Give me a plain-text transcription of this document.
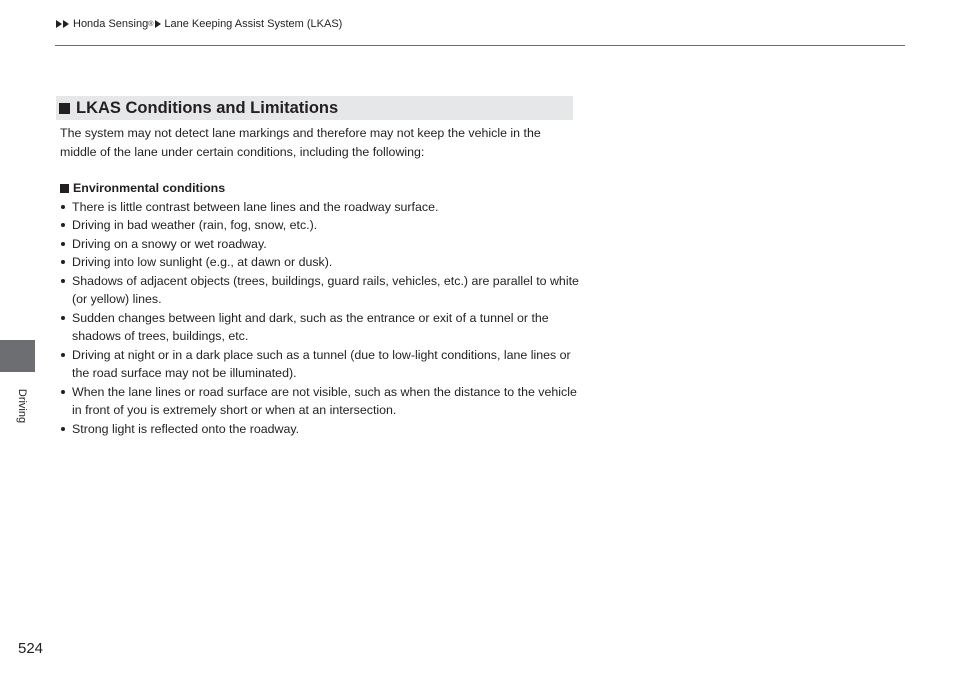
Honda Sensing ® Lane Keeping Assist System (LKAS)
Driving
LKAS Conditions and Limitations

The system may not detect lane markings and therefore may not keep the vehicle in the middle of the lane under certain conditions, including the following:

Environmental conditions
There is little contrast between lane lines and the roadway surface.
Driving in bad weather (rain, fog, snow, etc.).
Driving on a snowy or wet roadway.
Driving into low sunlight (e.g., at dawn or dusk).
Shadows of adjacent objects (trees, buildings, guard rails, vehicles, etc.) are parallel to white (or yellow) lines.
Sudden changes between light and dark, such as the entrance or exit of a tunnel or the shadows of trees, buildings, etc.
Driving at night or in a dark place such as a tunnel (due to low-light conditions, lane lines or the road surface may not be illuminated).
When the lane lines or road surface are not visible, such as when the distance to the vehicle in front of you is extremely short or when at an intersection.
Strong light is reflected onto the roadway.
524
